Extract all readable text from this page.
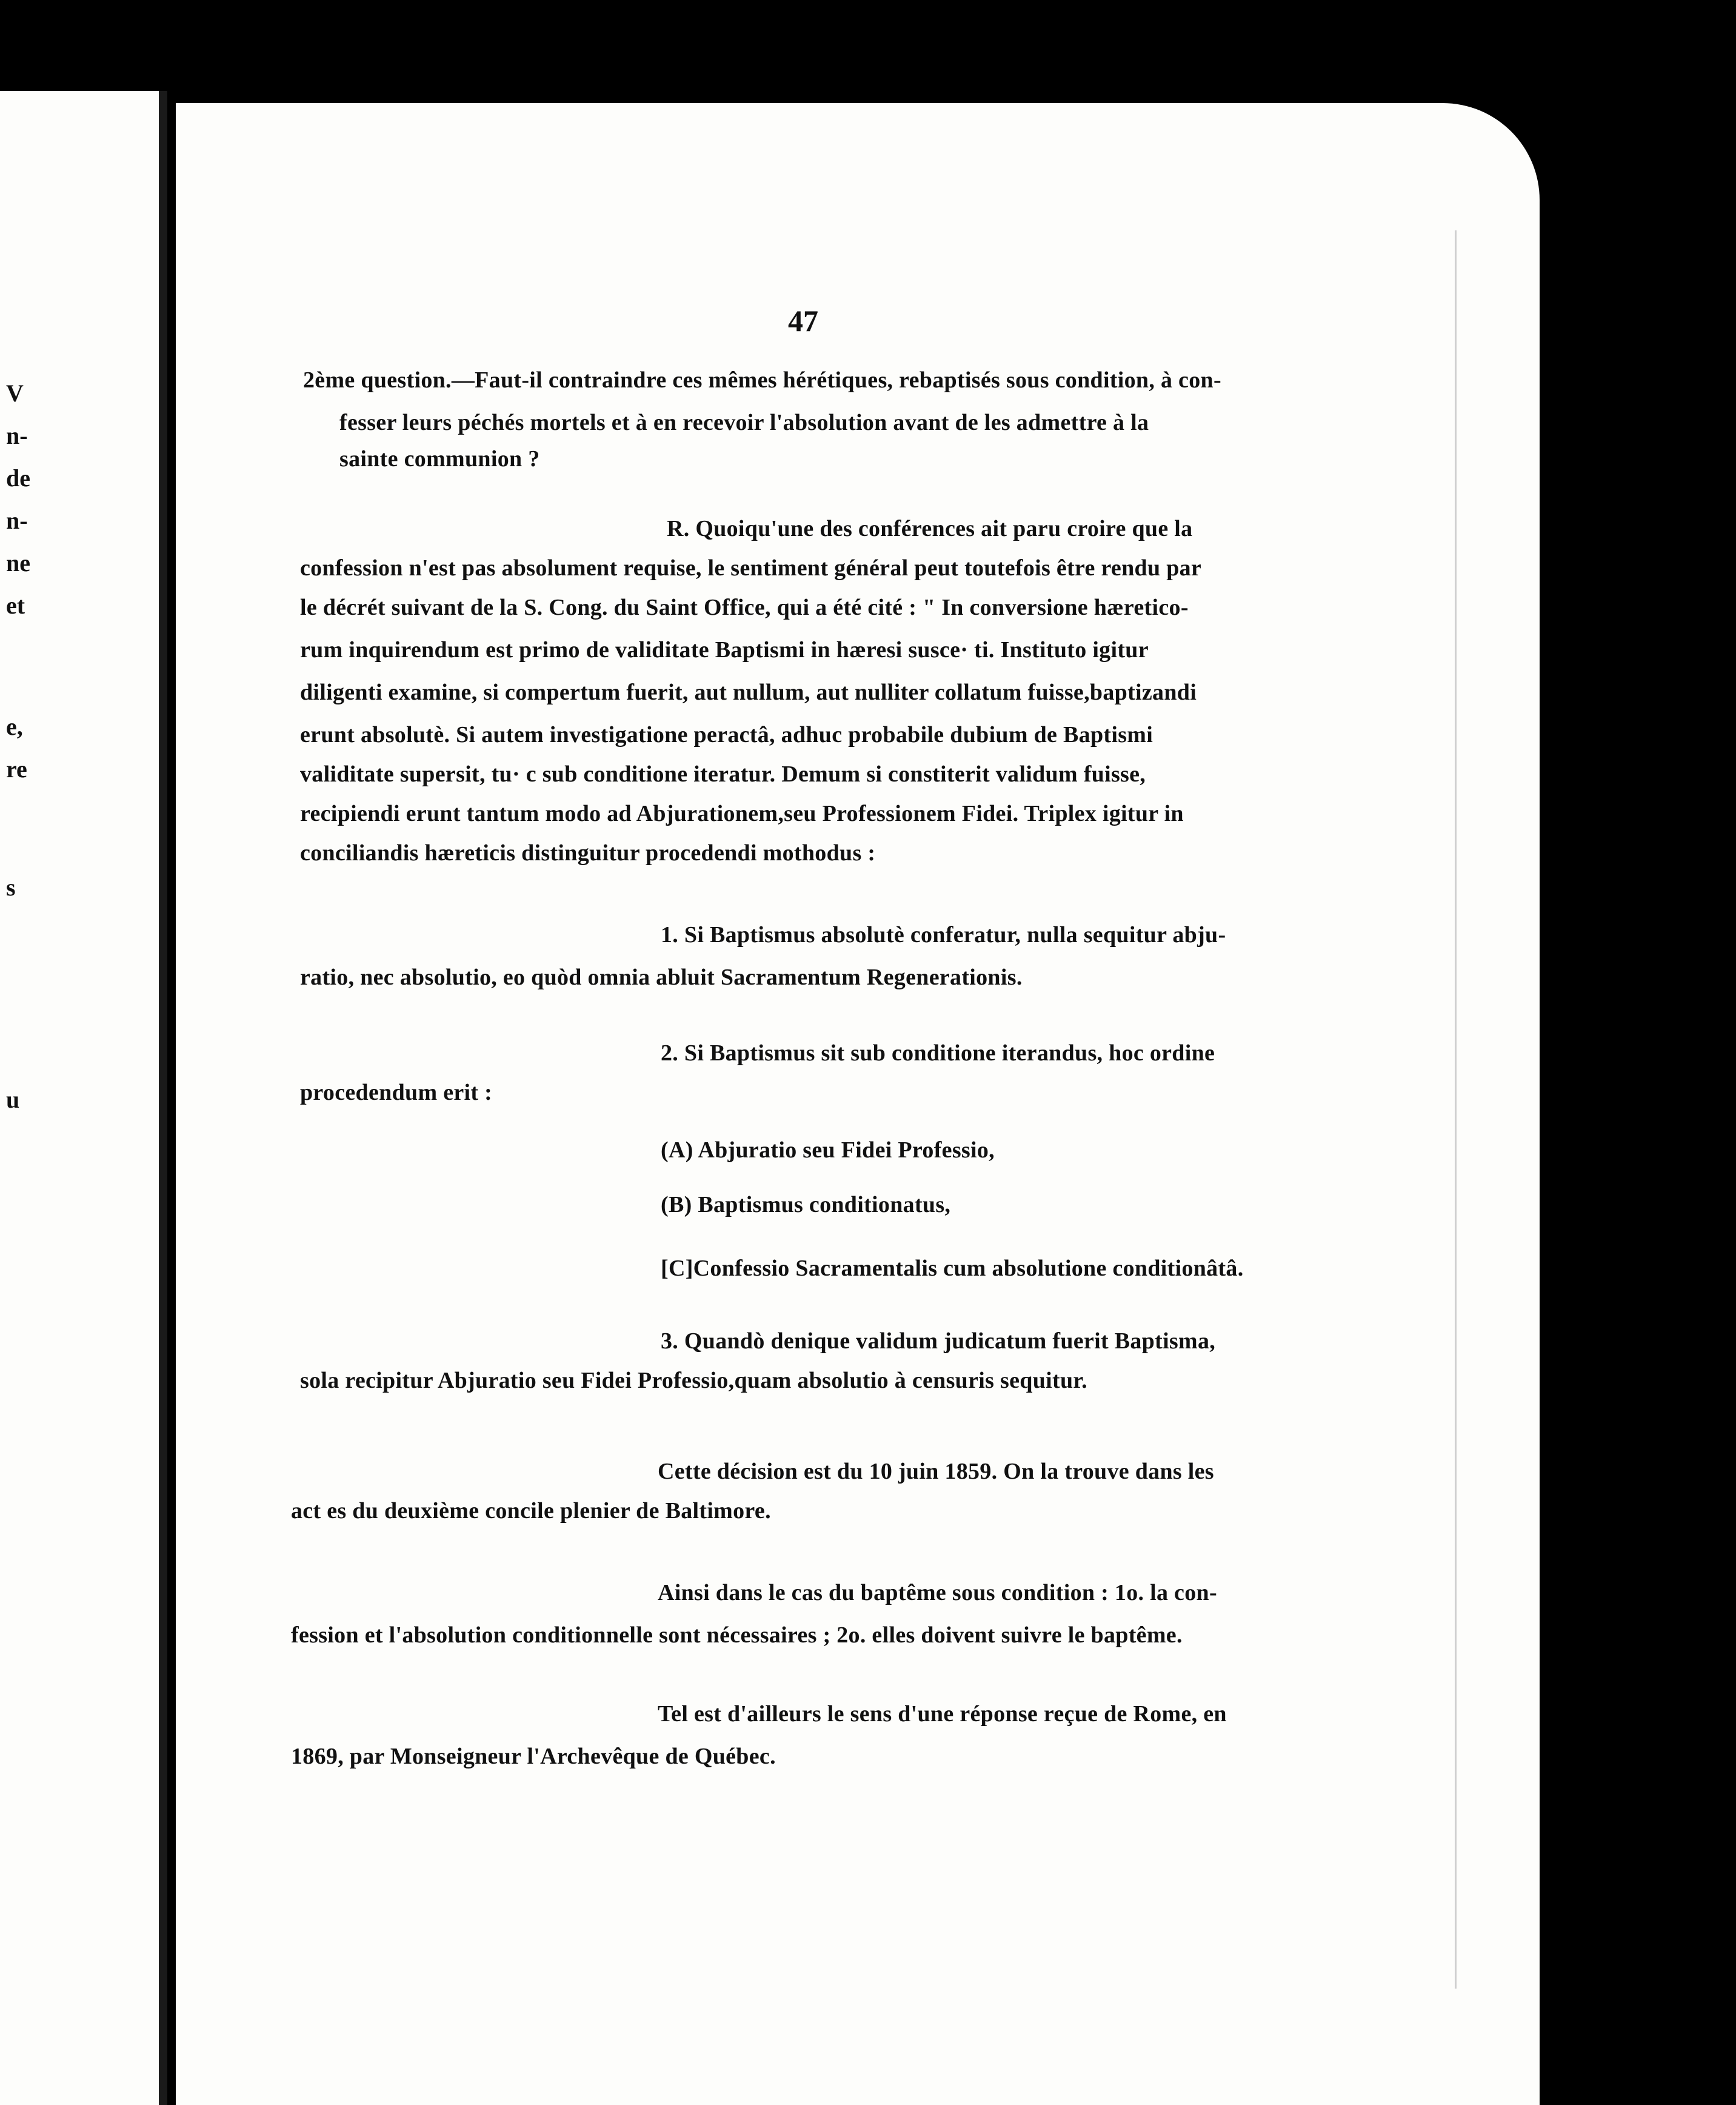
V
n-
de
n-
ne
et
e,
re
s
u
47
2ème question.—Faut-il contraindre ces mêmes hérétiques, rebaptisés sous condition, à con-
fesser leurs péchés mortels et à en recevoir l'absolution avant de les admettre à la
sainte communion ?
R. Quoiqu'une des conférences ait paru croire que la
confession n'est pas absolument requise, le sentiment général peut toutefois être rendu par
le décrét suivant de la S. Cong. du Saint Office, qui a été cité : " In conversione hæretico-
rum inquirendum est primo de validitate Baptismi in hæresi susce· ti. Instituto igitur
diligenti examine, si compertum fuerit, aut nullum, aut nulliter collatum fuisse,baptizandi
erunt absolutè. Si autem investigatione peractâ, adhuc probabile dubium de Baptismi
validitate supersit, tu· c sub conditione iteratur. Demum si constiterit validum fuisse,
recipiendi erunt tantum modo ad Abjurationem,seu Professionem Fidei. Triplex igitur in
conciliandis hæreticis distinguitur procedendi mothodus :
1. Si Baptismus absolutè conferatur, nulla sequitur abju-
ratio, nec absolutio, eo quòd omnia abluit Sacramentum Regenerationis.
2. Si Baptismus sit sub conditione iterandus, hoc ordine
procedendum erit :
(A) Abjuratio seu Fidei Professio,
(B) Baptismus conditionatus,
[C]Confessio Sacramentalis cum absolutione conditionâtâ.
3. Quandò denique validum judicatum fuerit Baptisma,
sola recipitur Abjuratio seu Fidei Professio,quam absolutio à censuris sequitur.
Cette décision est du 10 juin 1859. On la trouve dans les
act es du deuxième concile plenier de Baltimore.
Ainsi dans le cas du baptême sous condition : 1o. la con-
fession et l'absolution conditionnelle sont nécessaires ; 2o. elles doivent suivre le baptême.
Tel est d'ailleurs le sens d'une réponse reçue de Rome, en
1869, par Monseigneur l'Archevêque de Québec.
